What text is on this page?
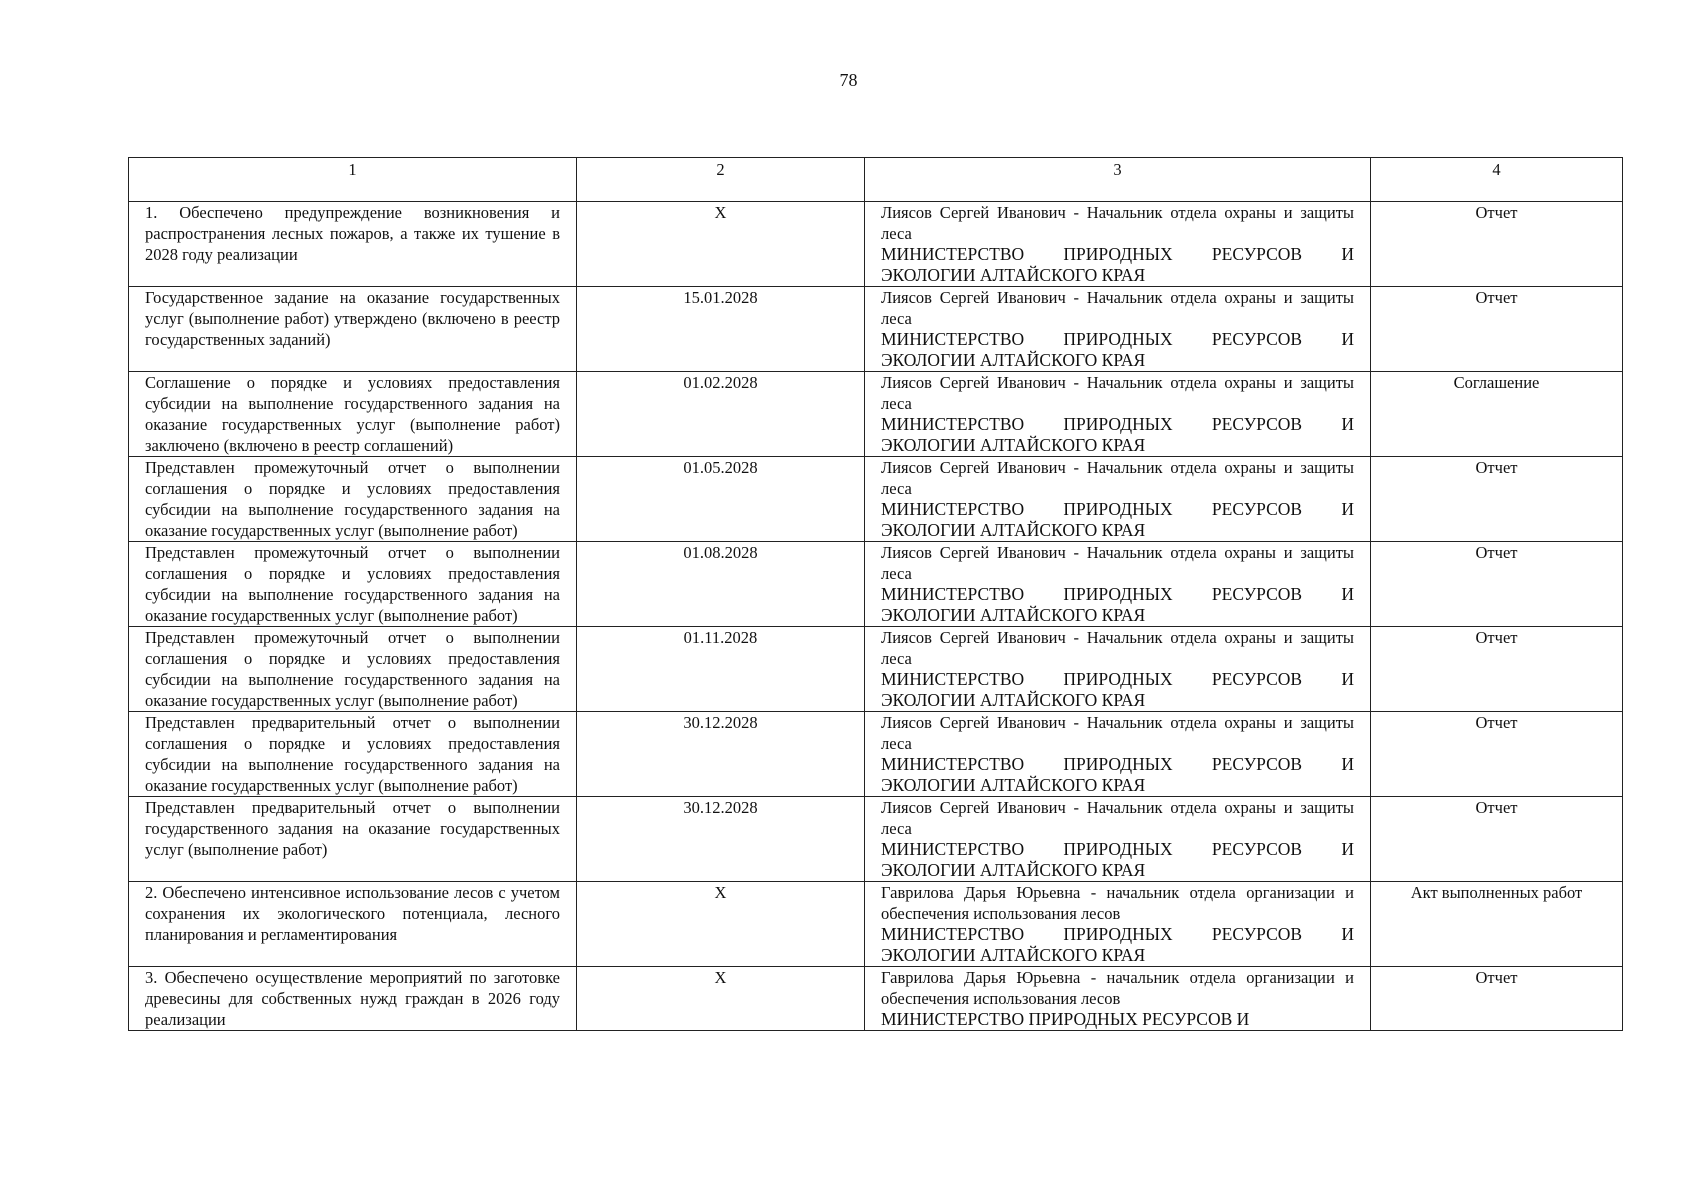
78
1	2	3	4
1. Обеспечено предупреждение возникновения и распространения лесных пожаров, а также их тушение в 2028 году реализации	X	Лиясов Сергей Иванович - Начальник отдела охраны и защиты леса
МИНИСТЕРСТВО ПРИРОДНЫХ РЕСУРСОВ И
ЭКОЛОГИИ АЛТАЙСКОГО КРАЯ	Отчет
Государственное задание на оказание государственных услуг (выполнение работ) утверждено (включено в реестр государственных заданий)	15.01.2028	Лиясов Сергей Иванович - Начальник отдела охраны и защиты леса
МИНИСТЕРСТВО ПРИРОДНЫХ РЕСУРСОВ И
ЭКОЛОГИИ АЛТАЙСКОГО КРАЯ	Отчет
Соглашение о порядке и условиях предоставления субсидии на выполнение государственного задания на оказание государственных услуг (выполнение работ) заключено (включено в реестр соглашений)	01.02.2028	Лиясов Сергей Иванович - Начальник отдела охраны и защиты леса
МИНИСТЕРСТВО ПРИРОДНЫХ РЕСУРСОВ И
ЭКОЛОГИИ АЛТАЙСКОГО КРАЯ	Соглашение
Представлен промежуточный отчет о выполнении соглашения о порядке и условиях предоставления субсидии на выполнение государственного задания на оказание государственных услуг (выполнение работ)	01.05.2028	Лиясов Сергей Иванович - Начальник отдела охраны и защиты леса
МИНИСТЕРСТВО ПРИРОДНЫХ РЕСУРСОВ И
ЭКОЛОГИИ АЛТАЙСКОГО КРАЯ	Отчет
Представлен промежуточный отчет о выполнении соглашения о порядке и условиях предоставления субсидии на выполнение государственного задания на оказание государственных услуг (выполнение работ)	01.08.2028	Лиясов Сергей Иванович - Начальник отдела охраны и защиты леса
МИНИСТЕРСТВО ПРИРОДНЫХ РЕСУРСОВ И
ЭКОЛОГИИ АЛТАЙСКОГО КРАЯ	Отчет
Представлен промежуточный отчет о выполнении соглашения о порядке и условиях предоставления субсидии на выполнение государственного задания на оказание государственных услуг (выполнение работ)	01.11.2028	Лиясов Сергей Иванович - Начальник отдела охраны и защиты леса
МИНИСТЕРСТВО ПРИРОДНЫХ РЕСУРСОВ И
ЭКОЛОГИИ АЛТАЙСКОГО КРАЯ	Отчет
Представлен предварительный отчет о выполнении соглашения о порядке и условиях предоставления субсидии на выполнение государственного задания на оказание государственных услуг (выполнение работ)	30.12.2028	Лиясов Сергей Иванович - Начальник отдела охраны и защиты леса
МИНИСТЕРСТВО ПРИРОДНЫХ РЕСУРСОВ И
ЭКОЛОГИИ АЛТАЙСКОГО КРАЯ	Отчет
Представлен предварительный отчет о выполнении государственного задания на оказание государственных услуг (выполнение работ)	30.12.2028	Лиясов Сергей Иванович - Начальник отдела охраны и защиты леса
МИНИСТЕРСТВО ПРИРОДНЫХ РЕСУРСОВ И
ЭКОЛОГИИ АЛТАЙСКОГО КРАЯ	Отчет
2. Обеспечено интенсивное использование лесов с учетом сохранения их экологического потенциала, лесного планирования и регламентирования	X	Гаврилова Дарья Юрьевна - начальник отдела организации и обеспечения использования лесов
МИНИСТЕРСТВО ПРИРОДНЫХ РЕСУРСОВ И
ЭКОЛОГИИ АЛТАЙСКОГО КРАЯ	Акт выполненных работ
3. Обеспечено осуществление мероприятий по заготовке древесины для собственных нужд граждан в 2026 году реализации	X	Гаврилова Дарья Юрьевна - начальник отдела организации и обеспечения использования лесов
МИНИСТЕРСТВО ПРИРОДНЫХ РЕСУРСОВ И	Отчет
